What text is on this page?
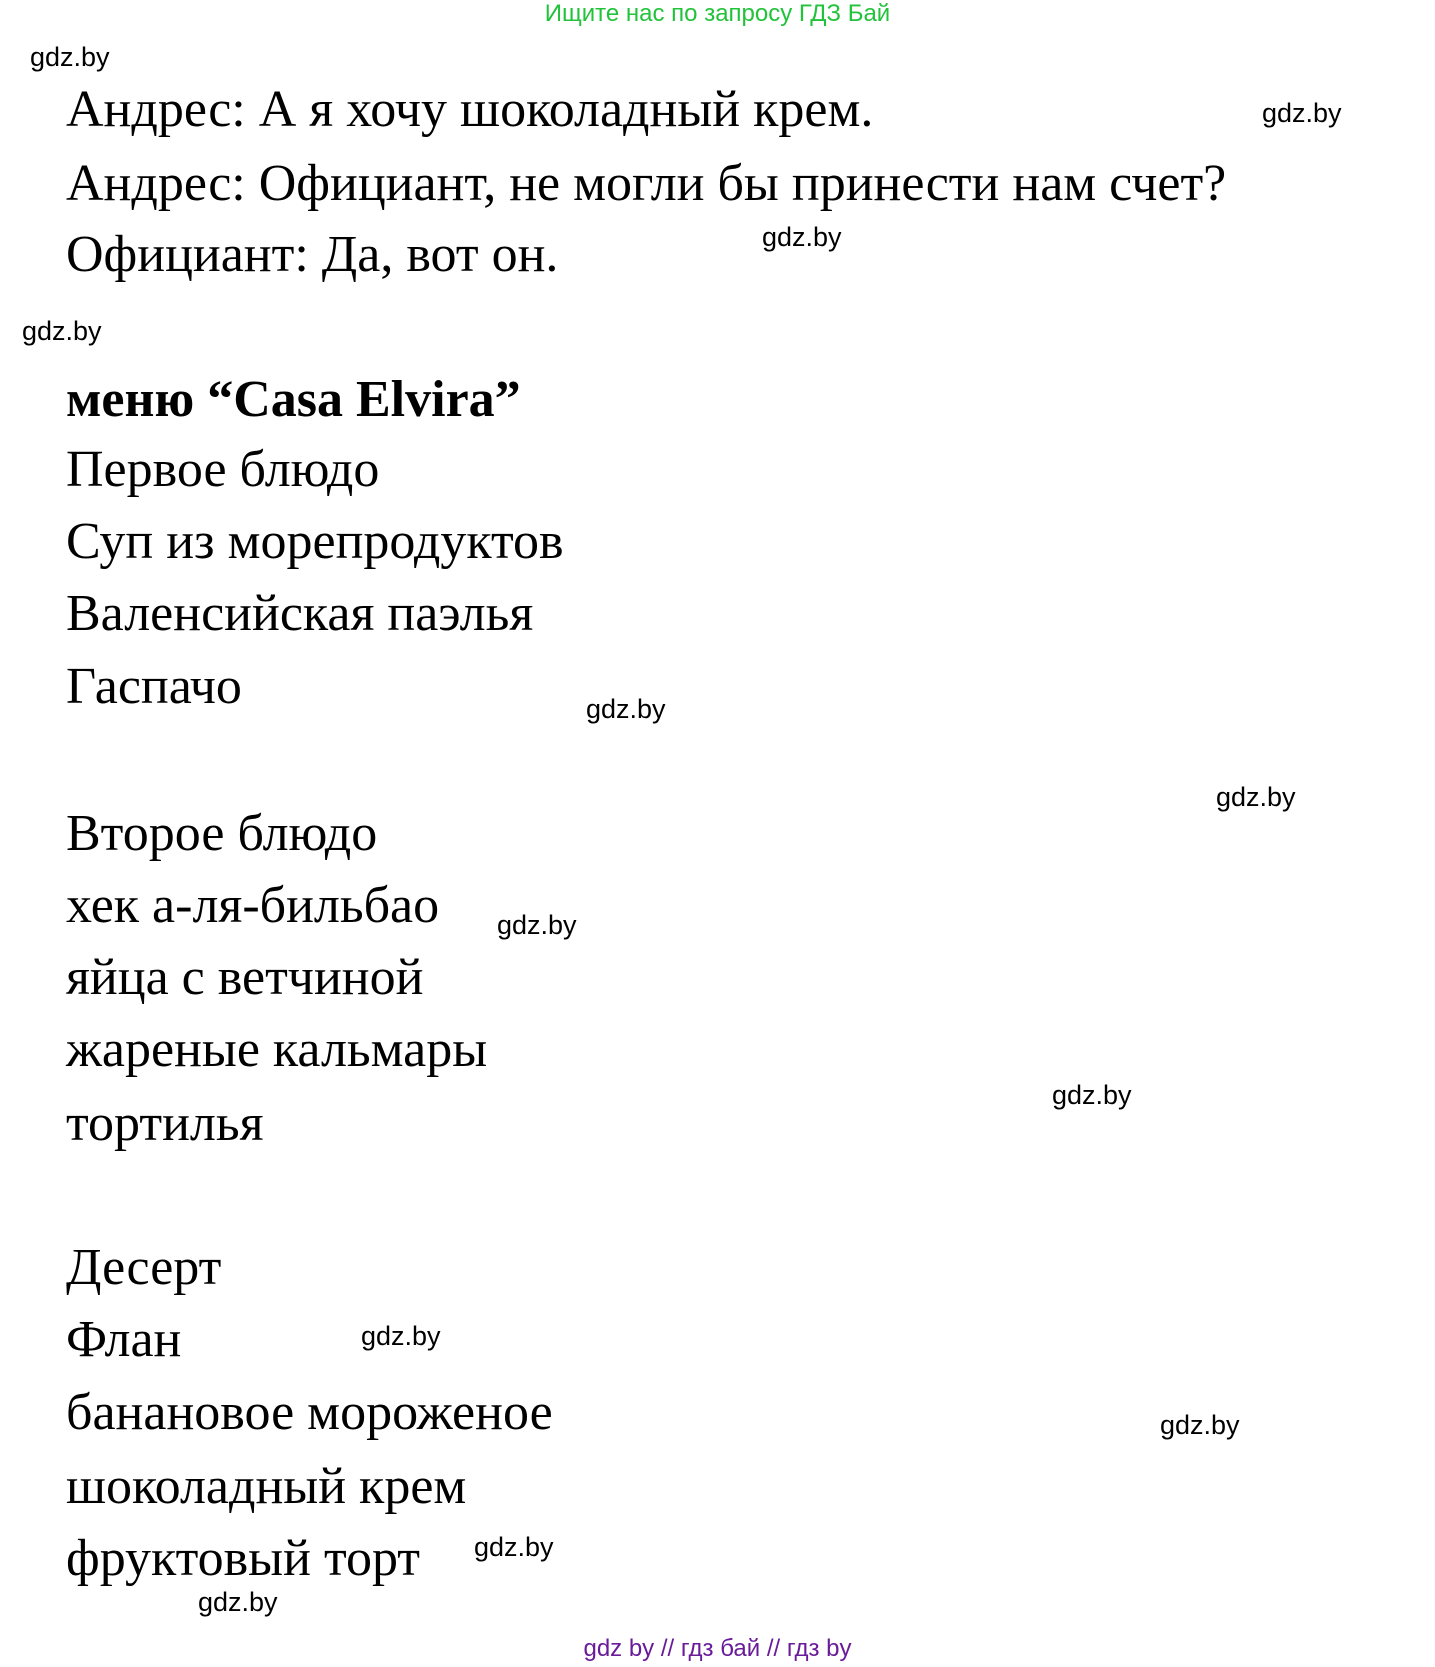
Ищите нас по запросу ГДЗ Бай
gdz.by
gdz.by
gdz.by
gdz.by
gdz.by
gdz.by
gdz.by
gdz.by
gdz.by
gdz.by
gdz.by
gdz.by
Андрес: А я хочу шоколадный крем.
Андрес: Официант, не могли бы принести нам счет?
Официант: Да, вот он.
меню “Casa Elvira”
Первое блюдо
Суп из морепродуктов
Валенсийская паэлья
Гаспачо
Второе блюдо
хек а-ля-бильбао
яйца с ветчиной
жареные кальмары
тортилья
Десерт
Флан
банановое мороженое
шоколадный крем
фруктовый торт
gdz by // гдз бай // гдз by
